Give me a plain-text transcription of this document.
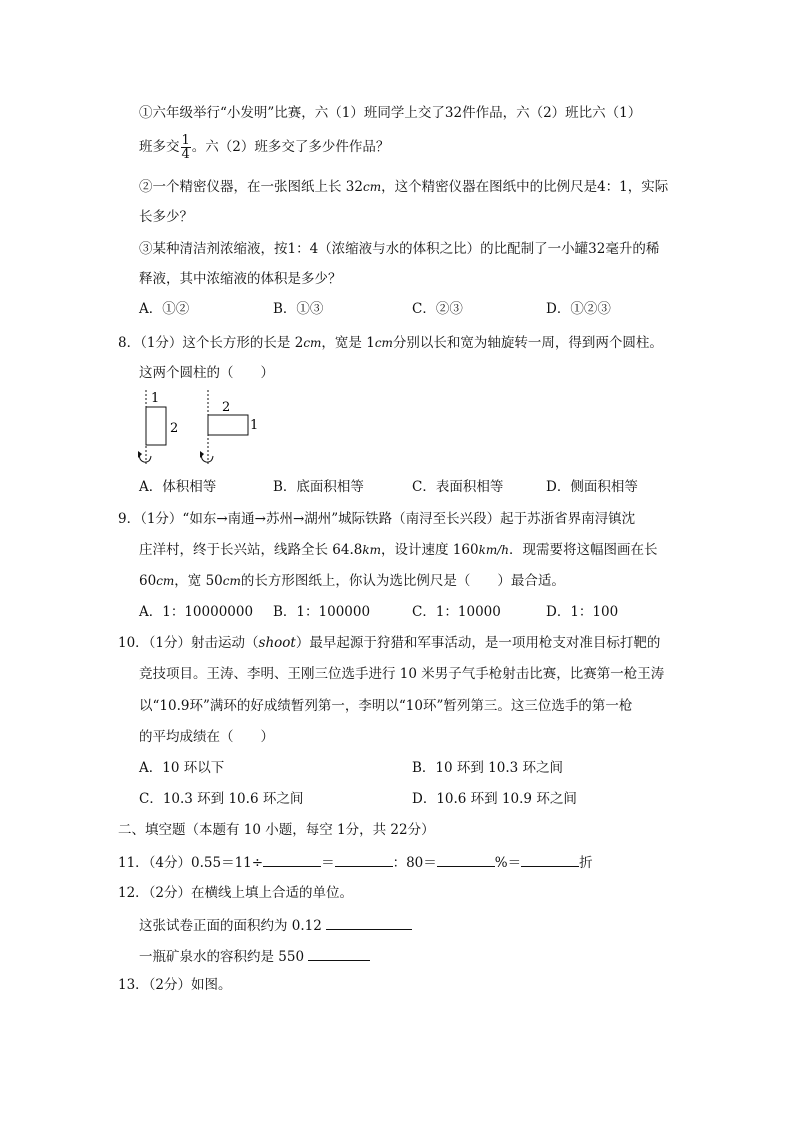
①六年级举行“小发明”比赛，六（1）班同学上交了32件作品，六（2）班比六（1）
班多交 $\frac{1}{4}$ 。六（2）班多交了多少件作品？
②一个精密仪器，在一张图纸上长 32cm，这个精密仪器在图纸中的比例尺是4：1，实际
长多少？
③某种清洁剂浓缩液，按1：4（浓缩液与水的体积之比）的比配制了一小罐32毫升的稀
释液，其中浓缩液的体积是多少？
A．①②	B．①③	C．②③	D．①②③
8．（1分）这个长方形的长是 2cm，宽是 1cm分别以长和宽为轴旋转一周，得到两个圆柱。
这两个圆柱的（　　）
1
2
2
1
A．体积相等	B．底面积相等	C．表面积相等	D．侧面积相等
9．（1分）“如东→南通→苏州→湖州”城际铁路（南浔至长兴段）起于苏浙省界南浔镇沈
庄洋村，终于长兴站，线路全长 64.8km，设计速度 160km/h．现需要将这幅图画在长
60cm，宽 50cm的长方形图纸上，你认为选比例尺是（　　）最合适。
A．1：10000000 B．1：100000	C．1：10000	D．1：100
10．（1分）射击运动（shoot）最早起源于狩猎和军事活动，是一项用枪支对准目标打靶的
竞技项目。王涛、李明、王刚三位选手进行 10 米男子气手枪射击比赛，比赛第一枪王涛
以“10.9环”满环的好成绩暂列第一，李明以“10环”暂列第三。这三位选手的第一枪
的平均成绩在（　　）
A．10 环以下	B．10 环到 10.3 环之间
C．10.3 环到 10.6 环之间	D．10.6 环到 10.9 环之间
二、填空题（本题有 10 小题，每空 1分，共 22分）
11．（4分）0.55＝11÷	＝	：80＝	%＝	折
12．（2分）在横线上填上合适的单位。
这张试卷正面的面积约为 0.12
一瓶矿泉水的容积约是 550
13．（2分）如图。
